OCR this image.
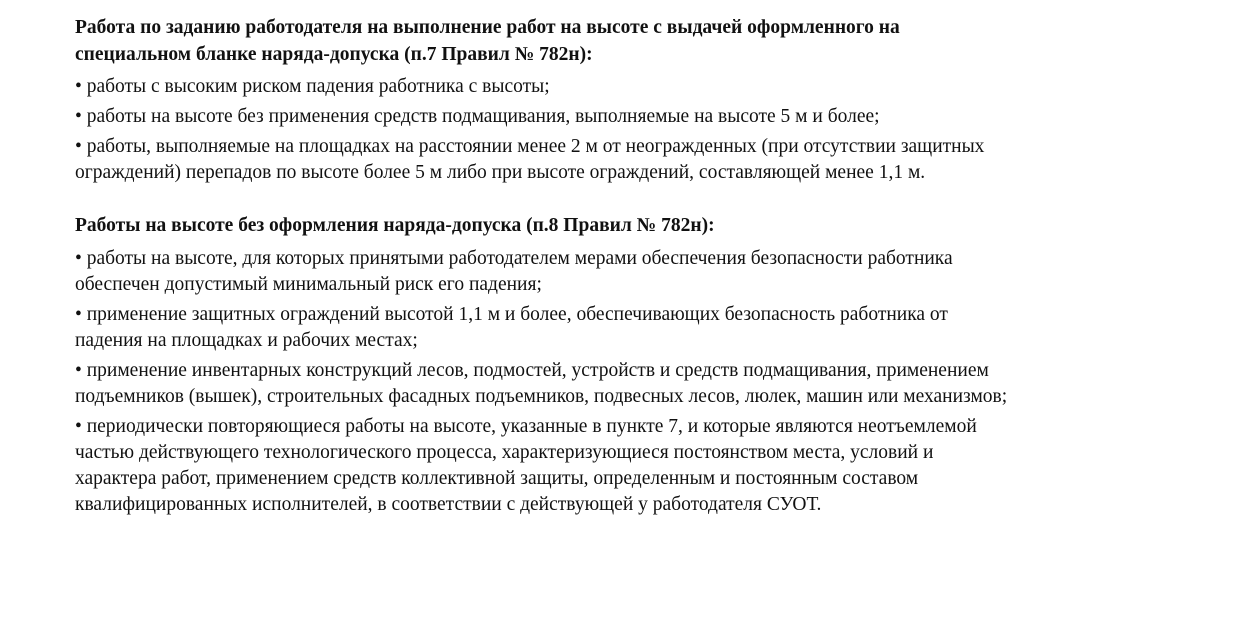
Работа по заданию работодателя на выполнение работ на высоте с выдачей оформленного на
специальном бланке наряда-допуска (п.7 Правил № 782н):

• работы с высоким риском падения работника с высоты;
• работы на высоте без применения средств подмащивания, выполняемые на высоте 5 м и более;
• работы, выполняемые на площадках на расстоянии менее 2 м от неогражденных (при отсутствии защитных
ограждений) перепадов по высоте более 5 м либо при высоте ограждений, составляющей менее 1,1 м.

Работы на высоте без оформления наряда-допуска (п.8 Правил № 782н):

• работы на высоте, для которых принятыми работодателем мерами обеспечения безопасности работника
обеспечен допустимый минимальный риск его падения;
• применение защитных ограждений высотой 1,1 м и более, обеспечивающих безопасность работника от
падения на площадках и рабочих местах;
• применение инвентарных конструкций лесов, подмостей, устройств и средств подмащивания, применением
подъемников (вышек), строительных фасадных подъемников, подвесных лесов, люлек, машин или механизмов;
• периодически повторяющиеся работы на высоте, указанные в пункте 7, и которые являются неотъемлемой
частью действующего технологического процесса, характеризующиеся постоянством места, условий и
характера работ, применением средств коллективной защиты, определенным и постоянным составом
квалифицированных исполнителей, в соответствии с действующей у работодателя СУОТ.
